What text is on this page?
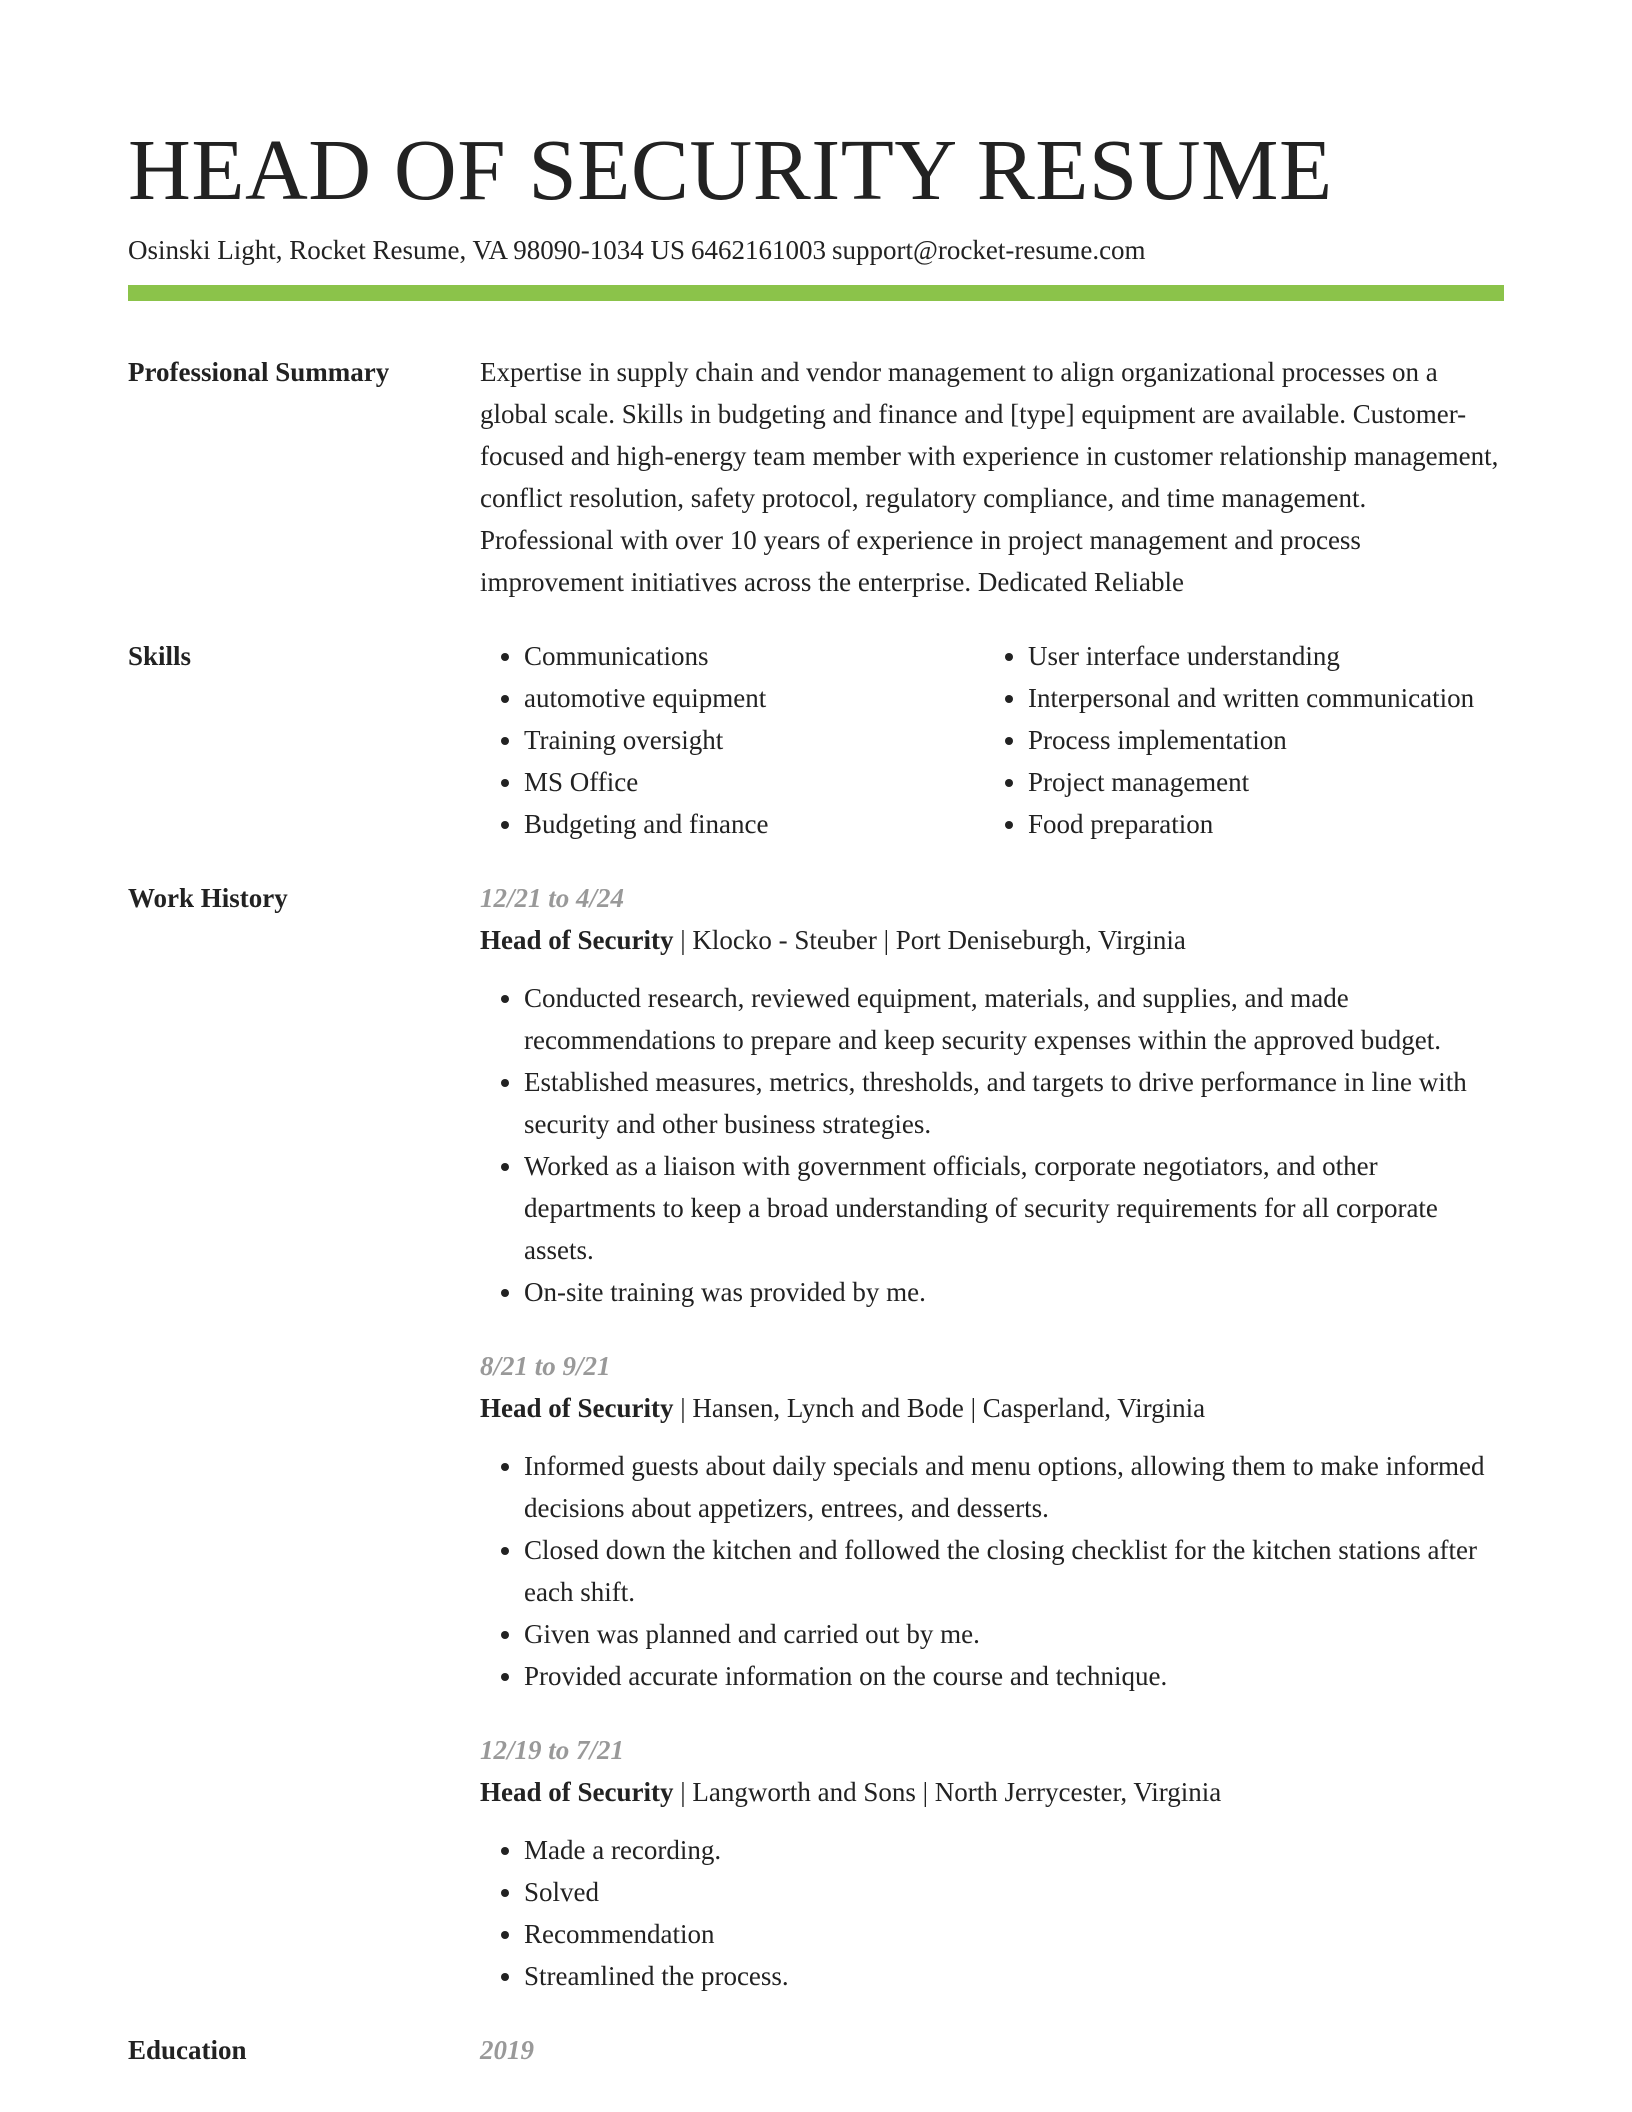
HEAD OF SECURITY RESUME
Osinski Light, Rocket Resume, VA 98090-1034 US 6462161003 support@rocket-resume.com
Professional Summary	Expertise in supply chain and vendor management to align organizational processes on a global scale. Skills in budgeting and finance and [type] equipment are available. Customer-focused and high-energy team member with experience in customer relationship management, conflict resolution, safety protocol, regulatory compliance, and time management. Professional with over 10 years of experience in project management and process improvement initiatives across the enterprise. Dedicated Reliable
Skills
•	Communications
• automotive equipment
• Training oversight
• MS Office
• Budgeting and finance
• User interface understanding
• Interpersonal and written communication
• Process implementation
• Project management
• Food preparation
Work History	12/21 to 4/24
Head of Security | Klocko - Steuber | Port Deniseburgh, Virginia
• Conducted research, reviewed equipment, materials, and supplies, and made recommendations to prepare and keep security expenses within the approved budget.
• Established measures, metrics, thresholds, and targets to drive performance in line with security and other business strategies.
• Worked as a liaison with government officials, corporate negotiators, and other departments to keep a broad understanding of security requirements for all corporate assets.
• On-site training was provided by me.
8/21 to 9/21
Head of Security | Hansen, Lynch and Bode | Casperland, Virginia
• Informed guests about daily specials and menu options, allowing them to make informed decisions about appetizers, entrees, and desserts.
• Closed down the kitchen and followed the closing checklist for the kitchen stations after each shift.
• Given was planned and carried out by me.
• Provided accurate information on the course and technique.
12/19 to 7/21
Head of Security | Langworth and Sons | North Jerrycester, Virginia
• Made a recording.
• Solved
• Recommendation
• Streamlined the process.
Education	2019
